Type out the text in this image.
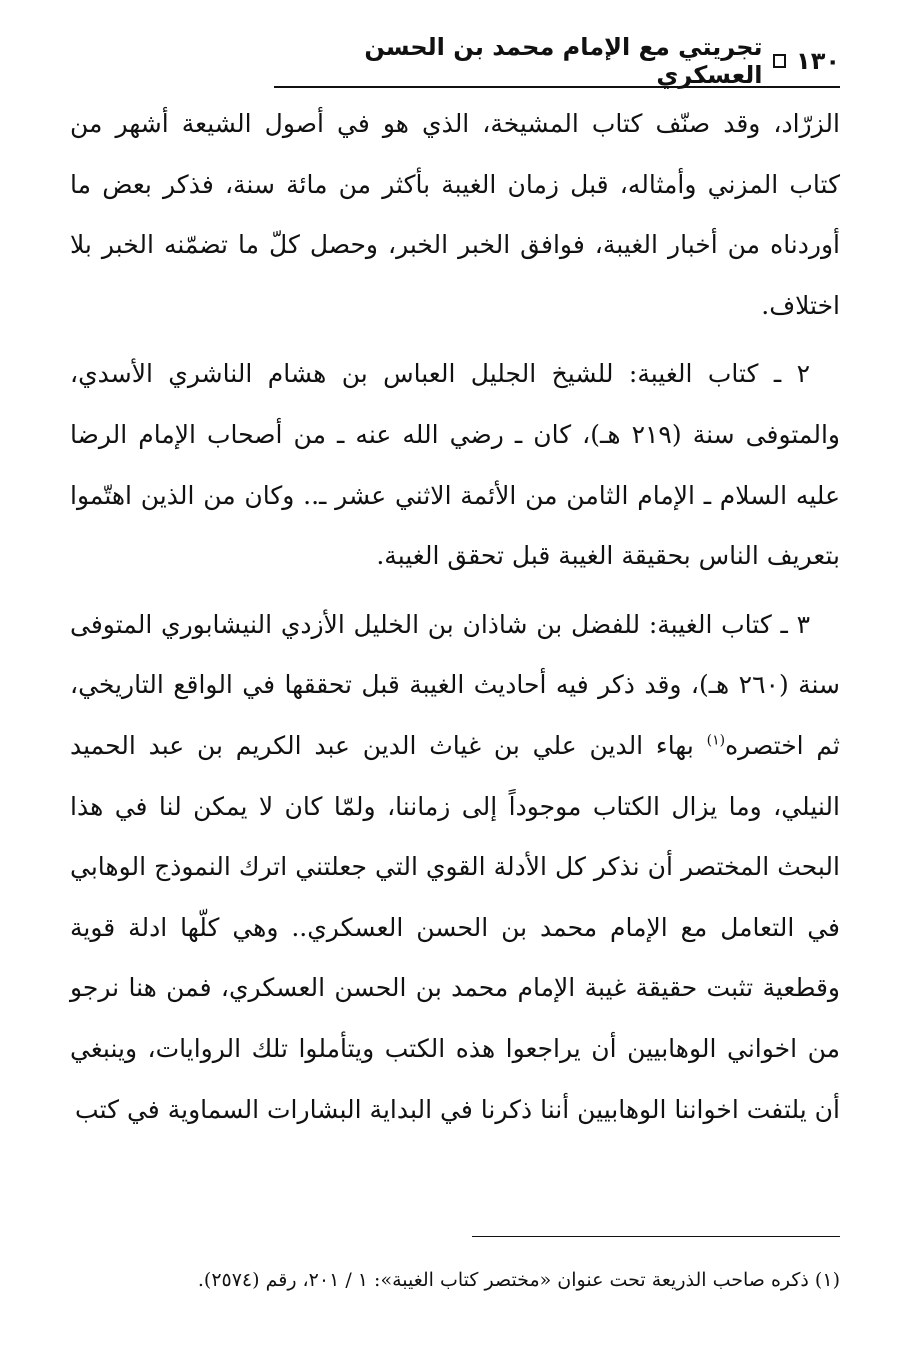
١٣٠
تجريتي مع الإمام محمد بن الحسن العسكري

الزرّاد، وقد صنّف كتاب المشيخة، الذي هو في أصول الشيعة أشهر من كتاب المزني وأمثاله، قبل زمان الغيبة بأكثر من مائة سنة، فذكر بعض ما أوردناه من أخبار الغيبة، فوافق الخبر الخبر، وحصل كلّ ما تضمّنه الخبر بلا اختلاف.

٢ ـ كتاب الغيبة: للشيخ الجليل العباس بن هشام الناشري الأسدي، والمتوفى سنة (٢١٩ هـ)، كان ـ رضي الله عنه ـ من أصحاب الإمام الرضا عليه السلام ـ الإمام الثامن من الأئمة الاثني عشر ـ.. وكان من الذين اهتّموا بتعريف الناس بحقيقة الغيبة قبل تحقق الغيبة.

٣ ـ كتاب الغيبة: للفضل بن شاذان بن الخليل الأزدي النيشابوري المتوفى سنة (٢٦٠ هـ)، وقد ذكر فيه أحاديث الغيبة قبل تحققها في الواقع التاريخي، ثم اختصره$^{(١)}$ بهاء الدين علي بن غياث الدين عبد الكريم بن عبد الحميد النيلي، وما يزال الكتاب موجوداً إلى زماننا، ولمّا كان لا يمكن لنا في هذا البحث المختصر أن نذكر كل الأدلة القوي التي جعلتني اترك النموذج الوهابي في التعامل مع الإمام محمد بن الحسن العسكري.. وهي كلّها ادلة قوية وقطعية تثبت حقيقة غيبة الإمام محمد بن الحسن العسكري، فمن هنا نرجو من اخواني الوهابيين أن يراجعوا هذه الكتب ويتأملوا تلك الروايات، وينبغي أن يلتفت اخواننا الوهابيين أننا ذكرنا في البداية البشارات السماوية في كتب

(١) ذكره صاحب الذريعة تحت عنوان «مختصر كتاب الغيبة»: ١ / ٢٠١، رقم (٢٥٧٤).
